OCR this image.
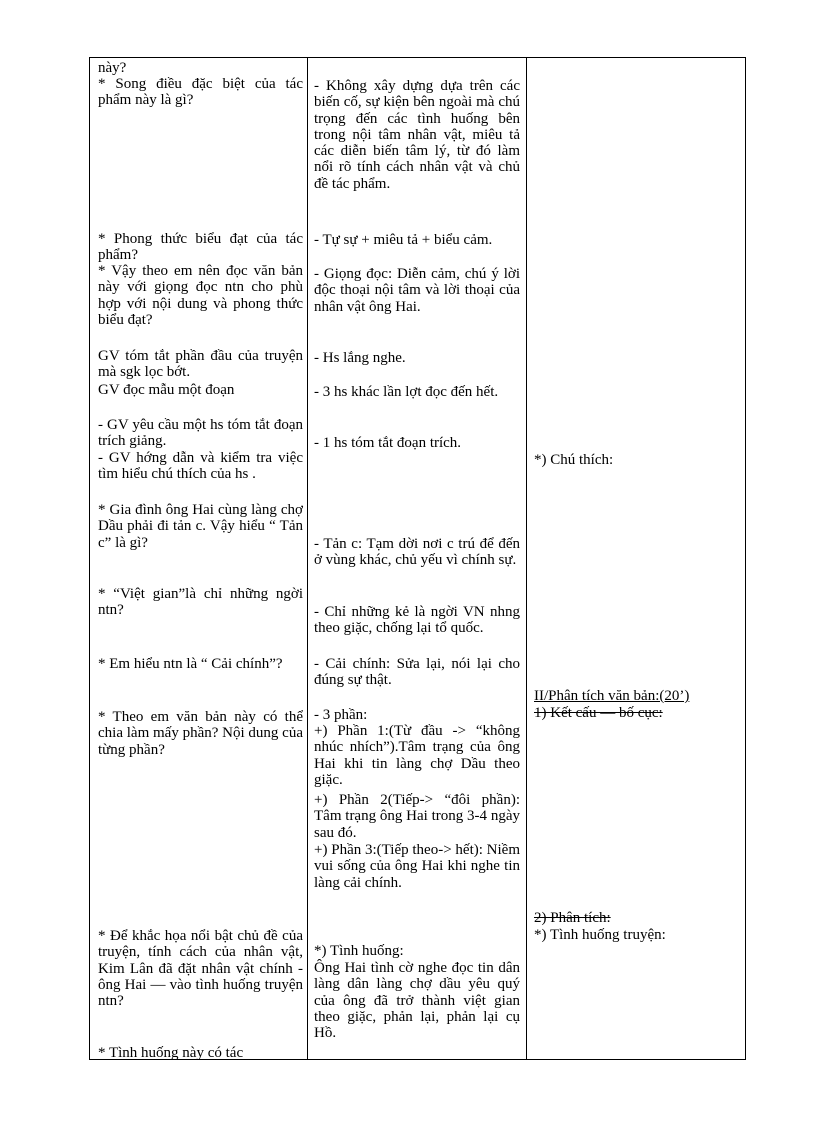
này?

* Song điều đặc biệt của tác phẩm này là gì?

* Phong thức biểu đạt của tác phẩm?

* Vậy theo em nên đọc văn bản này với giọng đọc ntn cho phù hợp với nội dung và phong thức biểu đạt?

GV tóm tắt phần đầu của truyện mà sgk lọc bớt.

GV đọc mẫu một đoạn

- GV yêu cầu một hs tóm tắt đoạn trích giảng.

- GV hớng dẫn và kiểm tra việc tìm hiểu chú thích của hs .

* Gia đình ông Hai cùng làng chợ Dầu phải đi tản c. Vậy hiểu “ Tản c” là gì?

* “Việt gian”là chỉ những ngời ntn?

* Em hiểu ntn là “ Cải chính”?

* Theo em văn bản này có thể chia làm mấy phần? Nội dung của từng phần?

* Để khắc họa nổi bật chủ đề của truyện, tính cách của nhân vật, Kim Lân đã đặt nhân vật chính - ông Hai — vào tình huống truyện ntn?

* Tình huống này có tác

- Không xây dựng dựa trên các biến cố, sự kiện bên ngoài mà chú trọng đến các tình huống bên trong nội tâm nhân vật, miêu tả các diễn biến tâm lý, từ đó làm nổi rõ tính cách nhân vật và chủ đề tác phẩm.

- Tự sự + miêu tả + biểu cảm.

- Giọng đọc: Diễn cảm, chú ý lời độc thoại nội tâm và lời thoại của nhân vật ông Hai.

- Hs lắng nghe.

- 3 hs khác lần lợt đọc đến hết.

- 1 hs tóm tắt đoạn trích.

- Tản c: Tạm dời nơi c trú để đến ở vùng khác, chủ yếu vì chính sự.

- Chỉ những kẻ là ngời VN nhng theo giặc, chống lại tổ quốc.

- Cải chính: Sửa lại, nói lại cho đúng sự thật.

- 3 phần:

+) Phần 1:(Từ đầu -> “không nhúc nhích”).Tâm trạng của ông Hai khi tin làng chợ Dầu theo giặc.

+) Phần 2(Tiếp-> “đôi phần): Tâm trạng ông Hai trong 3-4 ngày sau đó.

+) Phần 3:(Tiếp theo-> hết): Niềm vui sống của ông Hai khi nghe tin làng cải chính.

*) Tình huống:

Ông Hai tình cờ nghe đọc tin dân làng dân làng chợ dầu yêu quý của ông đã trở thành việt gian theo giặc, phản lại, phản lại cụ Hồ.

*) Chú thích:

II/Phân tích văn bản:(20’)

1) Kết cấu — bố cục:

2) Phân tích:

*) Tình huống truyện:
